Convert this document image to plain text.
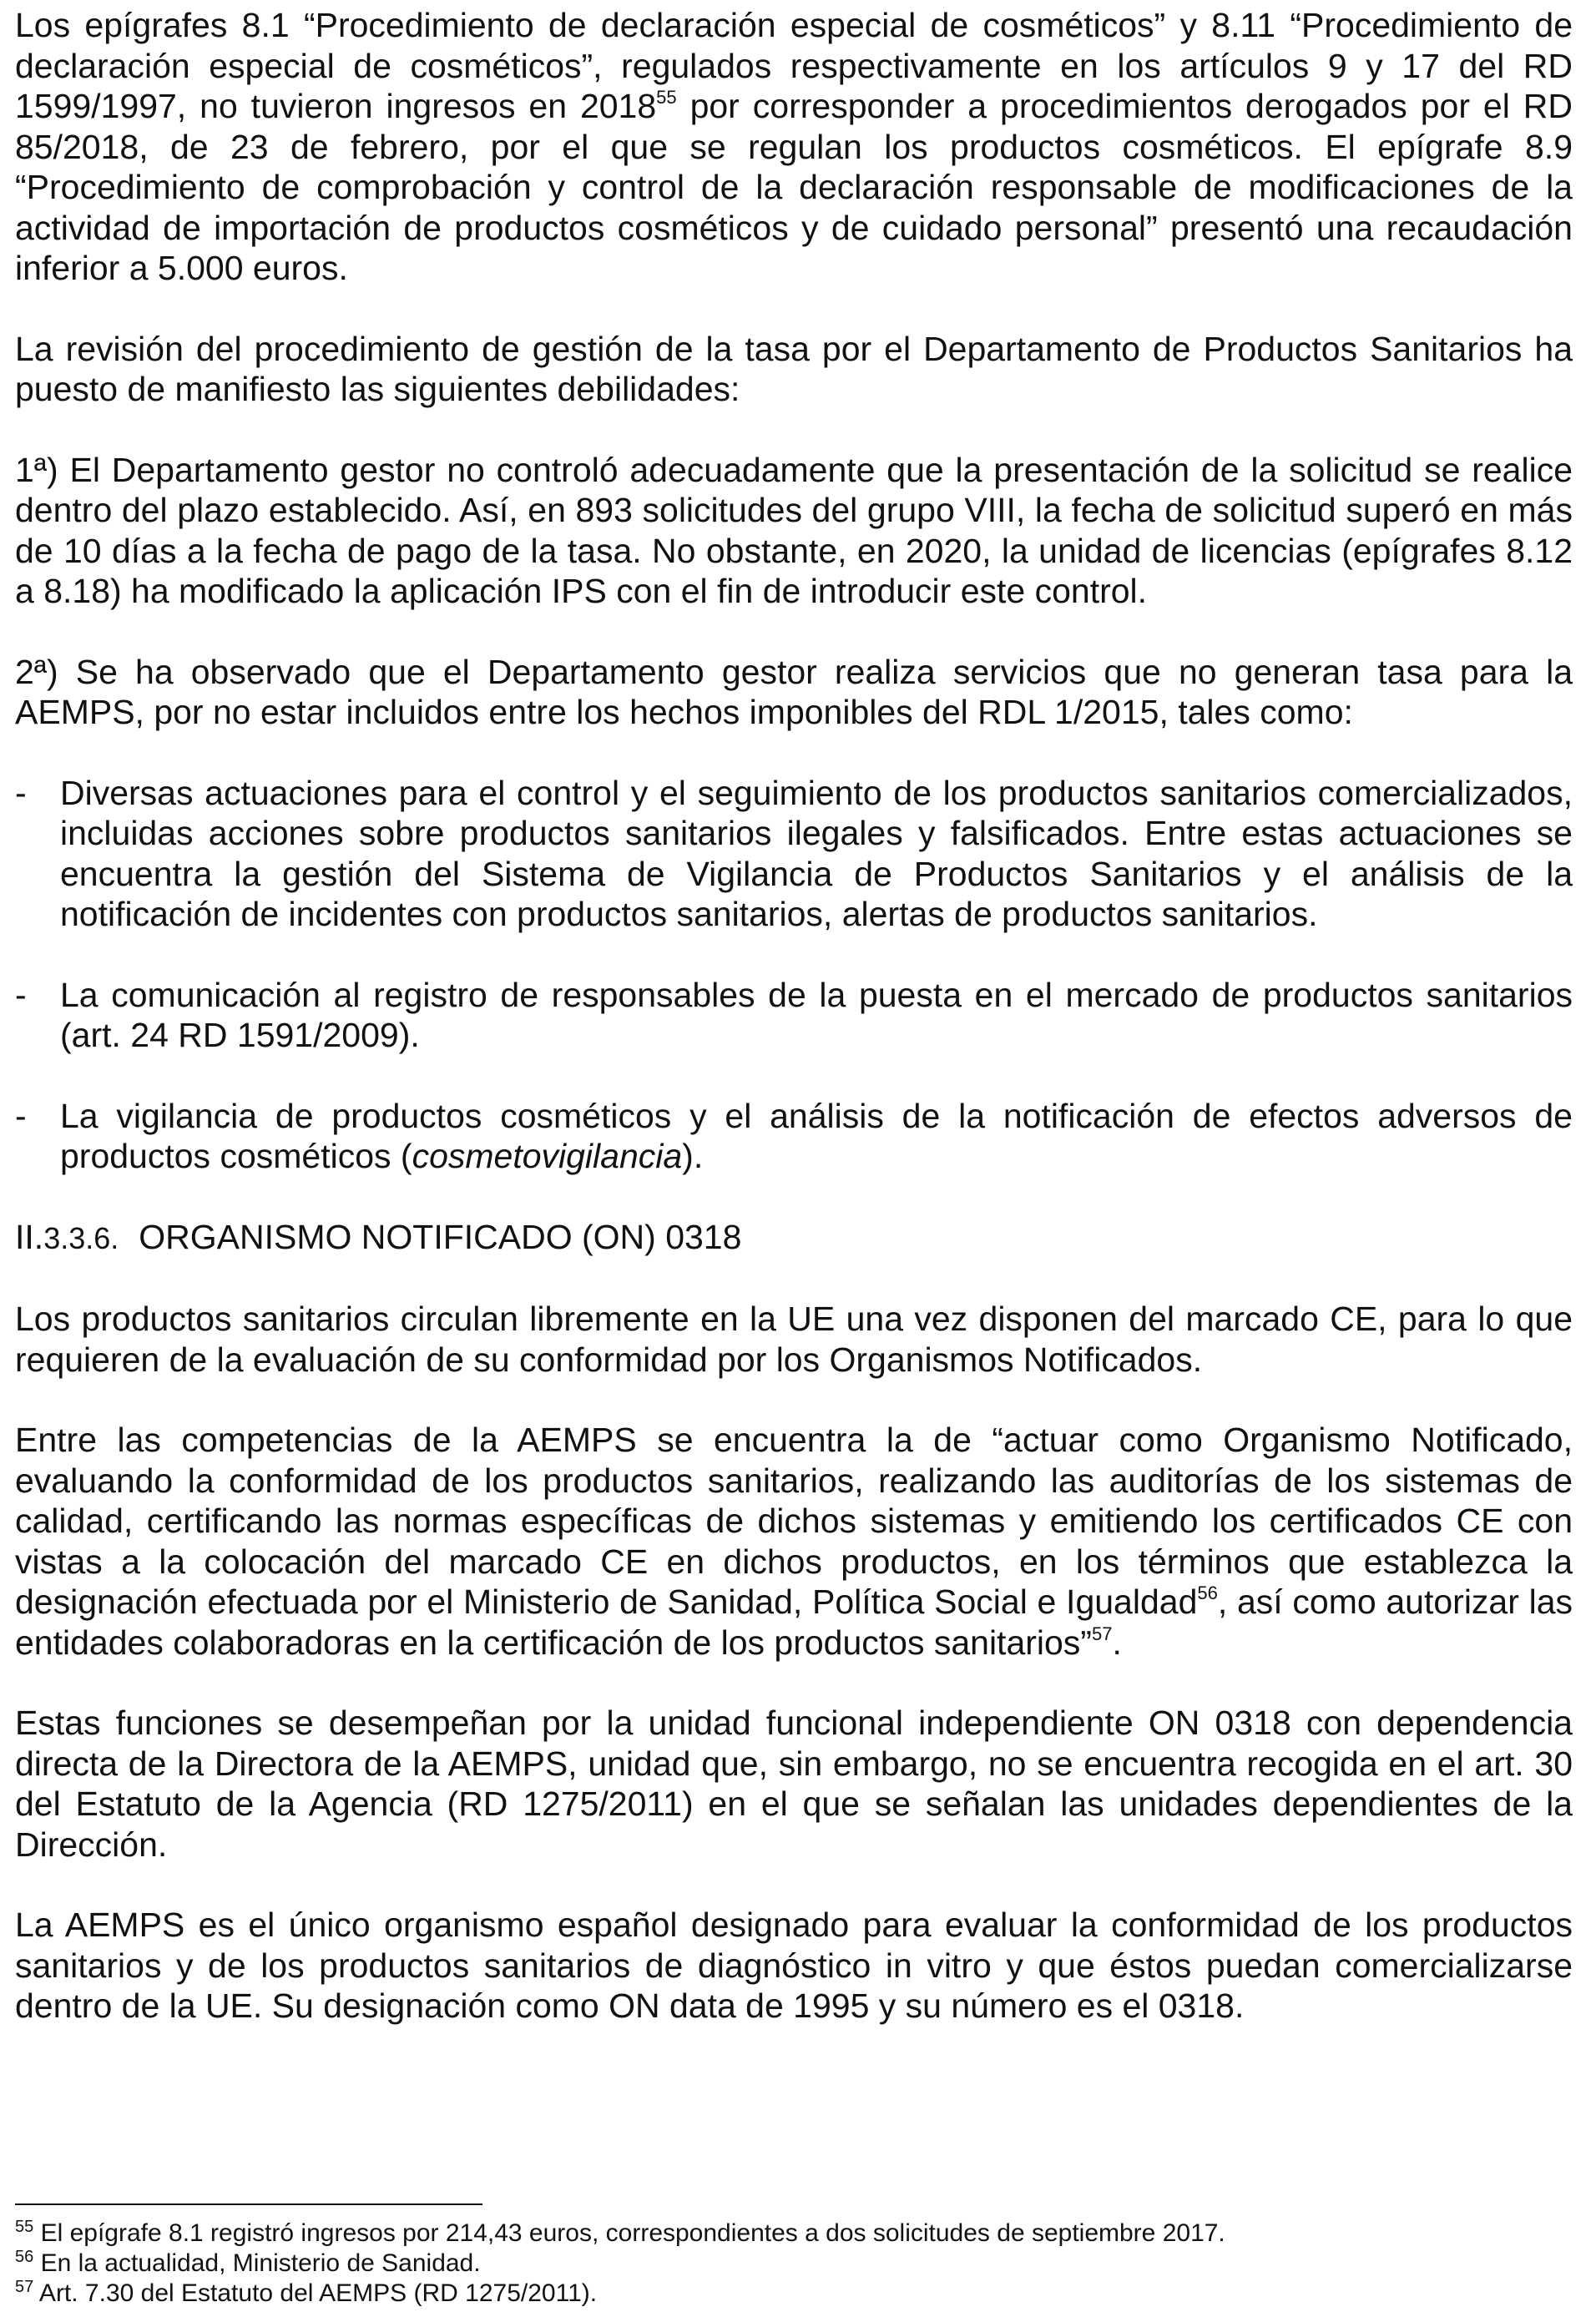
Los epígrafes 8.1 “Procedimiento de declaración especial de cosméticos” y 8.11 “Procedimiento de declaración especial de cosméticos”, regulados respectivamente en los artículos 9 y 17 del RD 1599/1997, no tuvieron ingresos en 2018$^{55}$ por corresponder a procedimientos derogados por el RD 85/2018, de 23 de febrero, por el que se regulan los productos cosméticos. El epígrafe 8.9 “Procedimiento de comprobación y control de la declaración responsable de modificaciones de la actividad de importación de productos cosméticos y de cuidado personal” presentó una recaudación inferior a 5.000 euros.

La revisión del procedimiento de gestión de la tasa por el Departamento de Productos Sanitarios ha puesto de manifiesto las siguientes debilidades:

1ª) El Departamento gestor no controló adecuadamente que la presentación de la solicitud se realice dentro del plazo establecido. Así, en 893 solicitudes del grupo VIII, la fecha de solicitud superó en más de 10 días a la fecha de pago de la tasa. No obstante, en 2020, la unidad de licencias (epígrafes 8.12 a 8.18) ha modificado la aplicación IPS con el fin de introducir este control.

2ª) Se ha observado que el Departamento gestor realiza servicios que no generan tasa para la AEMPS, por no estar incluidos entre los hechos imponibles del RDL 1/2015, tales como:

- Diversas actuaciones para el control y el seguimiento de los productos sanitarios comercializados, incluidas acciones sobre productos sanitarios ilegales y falsificados. Entre estas actuaciones se encuentra la gestión del Sistema de Vigilancia de Productos Sanitarios y el análisis de la notificación de incidentes con productos sanitarios, alertas de productos sanitarios.
- La comunicación al registro de responsables de la puesta en el mercado de productos sanitarios (art. 24 RD 1591/2009).
- La vigilancia de productos cosméticos y el análisis de la notificación de efectos adversos de productos cosméticos (cosmetovigilancia).
II.3.3.6. ORGANISMO NOTIFICADO (ON) 0318

Los productos sanitarios circulan libremente en la UE una vez disponen del marcado CE, para lo que requieren de la evaluación de su conformidad por los Organismos Notificados.

Entre las competencias de la AEMPS se encuentra la de “actuar como Organismo Notificado, evaluando la conformidad de los productos sanitarios, realizando las auditorías de los sistemas de calidad, certificando las normas específicas de dichos sistemas y emitiendo los certificados CE con vistas a la colocación del marcado CE en dichos productos, en los términos que establezca la designación efectuada por el Ministerio de Sanidad, Política Social e Igualdad$^{56}$, así como autorizar las entidades colaboradoras en la certificación de los productos sanitarios”$^{57}$.

Estas funciones se desempeñan por la unidad funcional independiente ON 0318 con dependencia directa de la Directora de la AEMPS, unidad que, sin embargo, no se encuentra recogida en el art. 30 del Estatuto de la Agencia (RD 1275/2011) en el que se señalan las unidades dependientes de la Dirección.

La AEMPS es el único organismo español designado para evaluar la conformidad de los productos sanitarios y de los productos sanitarios de diagnóstico in vitro y que éstos puedan comercializarse dentro de la UE. Su designación como ON data de 1995 y su número es el 0318.

$^{55}$ El epígrafe 8.1 registró ingresos por 214,43 euros, correspondientes a dos solicitudes de septiembre 2017.

$^{56}$ En la actualidad, Ministerio de Sanidad.

$^{57}$ Art. 7.30 del Estatuto del AEMPS (RD 1275/2011).
